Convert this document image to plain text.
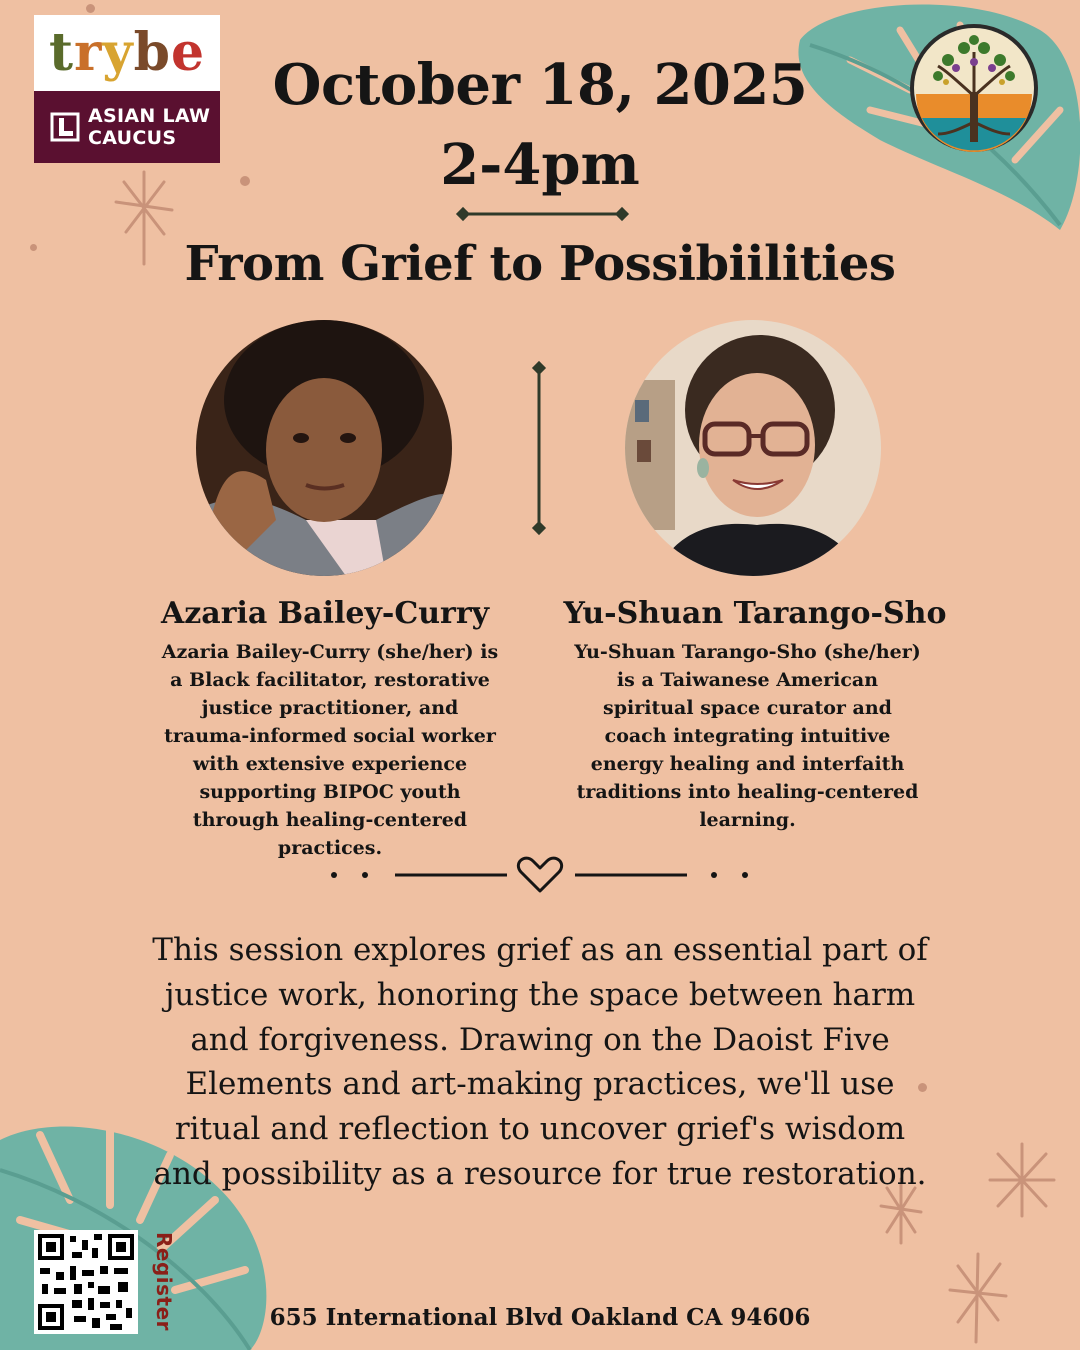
trybe
ASIAN LAW
CAUCUS
October 18, 2025
2-4pm
From Grief to Possibiilities
Azaria Bailey-Curry
Azaria Bailey-Curry (she/her) is a Black facilitator, restorative justice practitioner, and trauma-informed social worker with extensive experience supporting BIPOC youth through healing-centered practices.
Yu-Shuan Tarango-Sho
Yu-Shuan Tarango-Sho (she/her) is a Taiwanese American spiritual space curator and coach integrating intuitive energy healing and interfaith traditions into healing-centered learning.
This session explores grief as an essential part of justice work, honoring the space between harm and forgiveness. Drawing on the Daoist Five Elements and art-making practices, we'll use ritual and reflection to uncover grief's wisdom and possibility as a resource for true restoration.
Register	655 International Blvd Oakland CA 94606
